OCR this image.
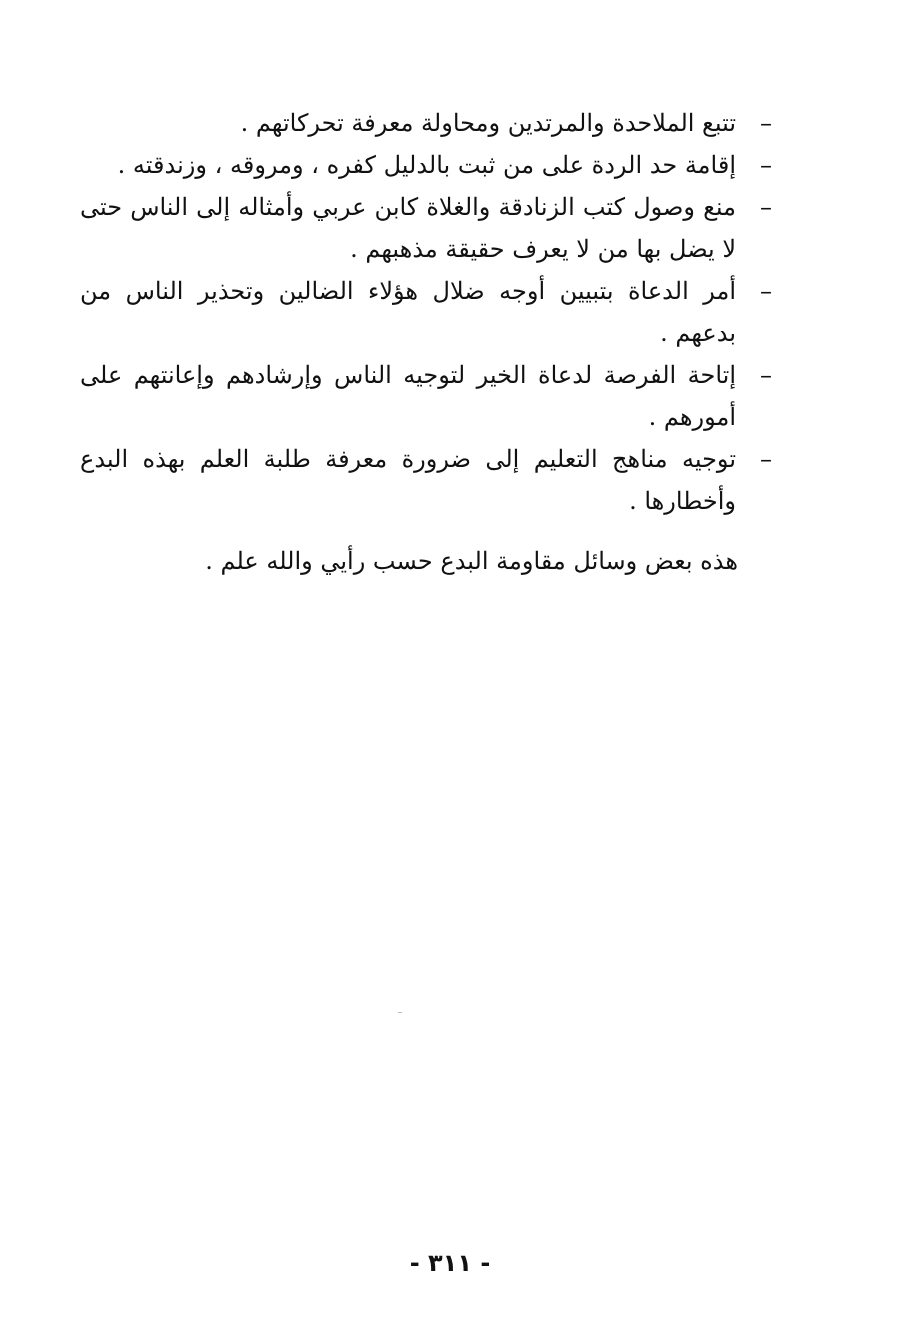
–
تتبع الملاحدة والمرتدين ومحاولة معرفة تحركاتهم .
–
إقامة حد الردة على من ثبت بالدليل كفره ، ومروقه ، وزندقته .
–
منع وصول كتب الزنادقة والغلاة كابن عربي وأمثاله إلى الناس حتى لا يضل بها من لا يعرف حقيقة مذهبهم .
–
أمر الدعاة بتبيين أوجه ضلال هؤلاء الضالين وتحذير الناس من بدعهم .
–
إتاحة الفرصة لدعاة الخير لتوجيه الناس وإرشادهم وإعانتهم على أمورهم .
–
توجيه مناهج التعليم إلى ضرورة معرفة طلبة العلم بهذه البدع وأخطارها .

هذه بعض وسائل مقاومة البدع حسب رأيي والله علم .

- ٣١١ -
